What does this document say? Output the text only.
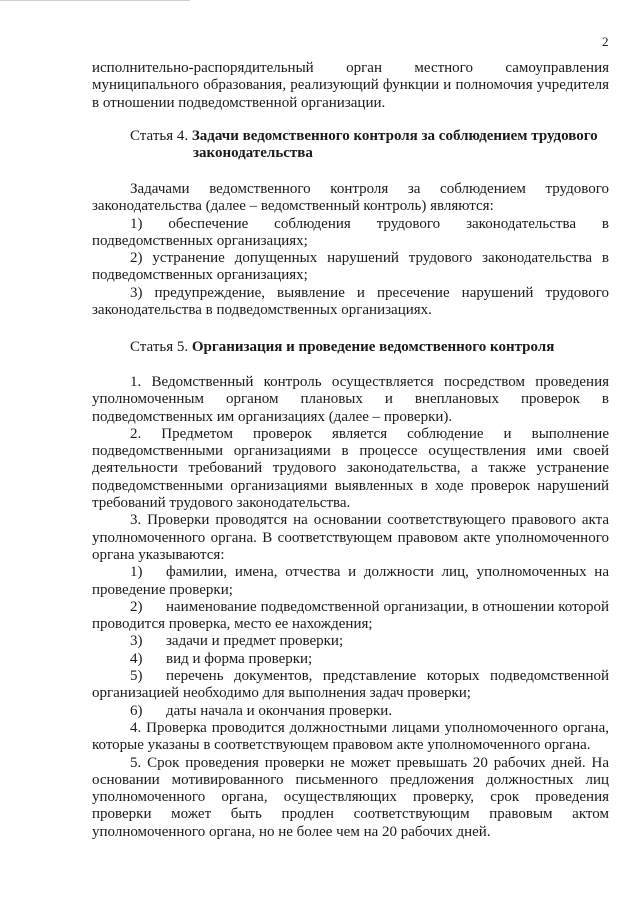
2

исполнительно-распорядительный орган местного самоуправления муниципального образования, реализующий функции и полномочия учредителя в отношении подведомственной организации.

Статья 4. Задачи ведомственного контроля за соблюдением трудового
законодательства

Задачами ведомственного контроля за соблюдением трудового законодательства (далее – ведомственный контроль) являются:

1) обеспечение соблюдения трудового законодательства в подведомственных организациях;

2) устранение допущенных нарушений трудового законодательства в подведомственных организациях;

3) предупреждение, выявление и пресечение нарушений трудового законодательства в подведомственных организациях.

Статья 5. Организация и проведение ведомственного контроля

1. Ведомственный контроль осуществляется посредством проведения уполномоченным органом плановых и внеплановых проверок в подведомственных им организациях (далее – проверки).

2. Предметом проверок является соблюдение и выполнение подведомственными организациями в процессе осуществления ими своей деятельности требований трудового законодательства, а также устранение подведомственными организациями выявленных в ходе проверок нарушений требований трудового законодательства.

3. Проверки проводятся на основании соответствующего правового акта уполномоченного органа. В соответствующем правовом акте уполномоченного органа указываются:

1) фамилии, имена, отчества и должности лиц, уполномоченных на проведение проверки;

2) наименование подведомственной организации, в отношении которой проводится проверка, место ее нахождения;

3) задачи и предмет проверки;

4) вид и форма проверки;

5) перечень документов, представление которых подведомственной организацией необходимо для выполнения задач проверки;

6) даты начала и окончания проверки.

4. Проверка проводится должностными лицами уполномоченного органа, которые указаны в соответствующем правовом акте уполномоченного органа.

5. Срок проведения проверки не может превышать 20 рабочих дней. На основании мотивированного письменного предложения должностных лиц уполномоченного органа, осуществляющих проверку, срок проведения проверки может быть продлен соответствующим правовым актом уполномоченного органа, но не более чем на 20 рабочих дней.
